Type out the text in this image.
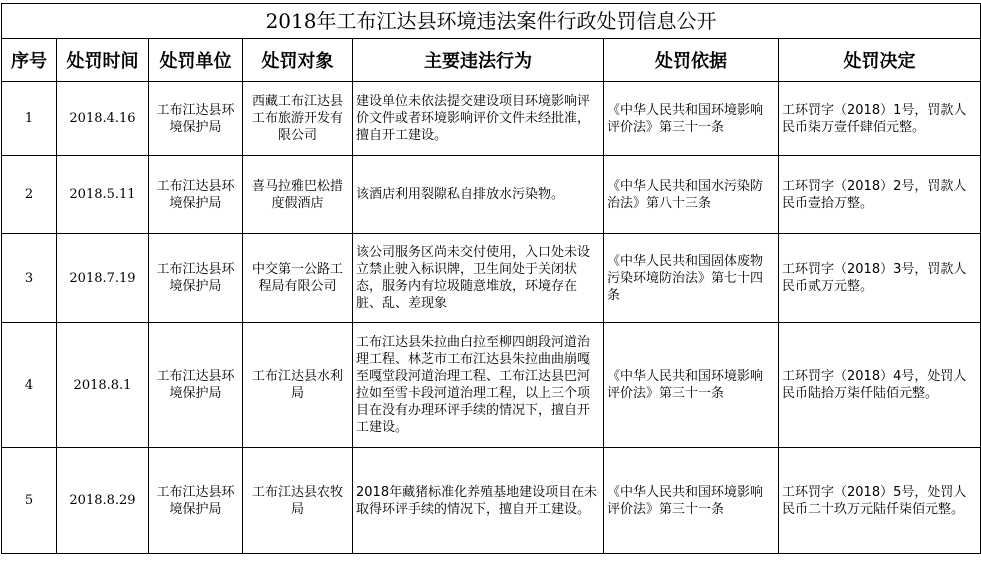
2018年工布江达县环境违法案件行政处罚信息公开						
序号	处罚时间	处罚单位	处罚对象	主要违法行为	处罚依据	处罚决定
1	2018.4.16	工布江达县环境保护局	西藏工布江达县工布旅游开发有限公司	建设单位未依法提交建设项目环境影响评价文件或者环境影响评价文件未经批准，擅自开工建设。	《中华人民共和国环境影响评价法》第三十一条	工环罚字（2018）1号，罚款人民币柒万壹仟肆佰元整。
2	2018.5.11	工布江达县环境保护局	喜马拉雅巴松措度假酒店	该酒店利用裂隙私自排放水污染物。	《中华人民共和国水污染防治法》第八十三条	工环罚字（2018）2号，罚款人民币壹拾万整。
3	2018.7.19	工布江达县环境保护局	中交第一公路工程局有限公司	该公司服务区尚未交付使用，入口处未设立禁止驶入标识牌，卫生间处于关闭状态，服务内有垃圾随意堆放，环境存在脏、乱、差现象	《中华人民共和国固体废物污染环境防治法》第七十四条	工环罚字（2018）3号，罚款人民币贰万元整。
4	2018.8.1	工布江达县环境保护局	工布江达县水利局	工布江达县朱拉曲白拉至柳四朗段河道治理工程、林芝市工布江达县朱拉曲曲崩嘎至嘎堂段河道治理工程、工布江达县巴河拉如至雪卡段河道治理工程，以上三个项目在没有办理环评手续的情况下，擅自开工建设。	《中华人民共和国环境影响评价法》第三十一条	工环罚字（2018）4号，处罚人民币陆拾万柒仟陆佰元整。
5	2018.8.29	工布江达县环境保护局	工布江达县农牧局	2018年藏猪标准化养殖基地建设项目在未取得环评手续的情况下，擅自开工建设。	《中华人民共和国环境影响评价法》第三十一条	工环罚字（2018）5号，处罚人民币二十玖万元陆仟柒佰元整。
